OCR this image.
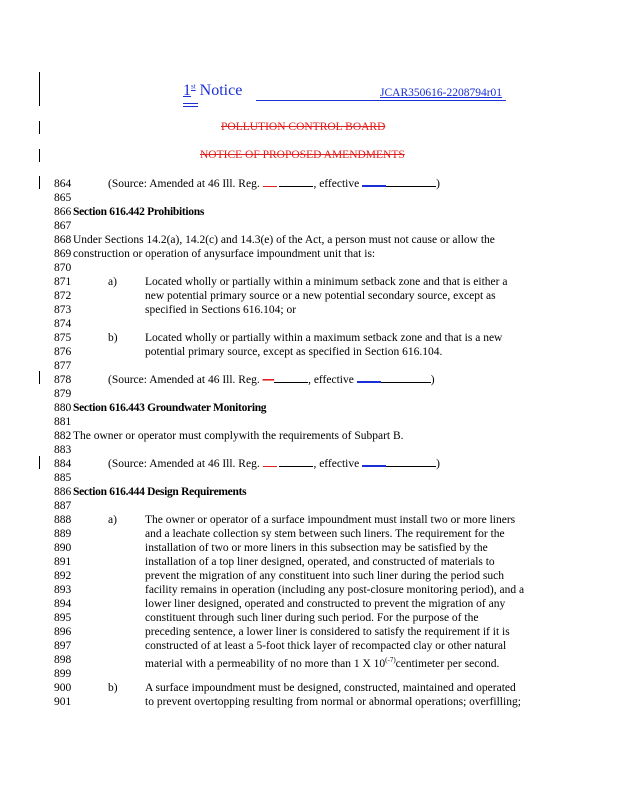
1st Notice	JCAR350616-2208794r01
POLLUTION CONTROL BOARD
NOTICE OF PROPOSED AMENDMENTS
864
865
866
867
868
869
870
871
872
873
874
875
876
877
878
879
880
881
882
883
884
885
886
887
888
889
890
891
892
893
894
895
896
897
898
899
900
901
(Source: Amended at 46 Ill. Reg.	, effective	)
Section 616.442 Prohibitions
Under Sections 14.2(a), 14.2(c) and 14.3(e) of the Act, a person must not cause or allow the
construction or operation of anysurface impoundment unit that is:
a) Located wholly or partially within a minimum setback zone and that is either a
new potential primary source or a new potential secondary source, except as
specified in Sections 616.104; or
b) Located wholly or partially within a maximum setback zone and that is a new
potential primary source, except as specified in Section 616.104.
(Source: Amended at 46 Ill. Reg. —	, effective	)
Section 616.443 Groundwater Monitoring
The owner or operator must complywith the requirements of Subpart B.
(Source: Amended at 46 Ill. Reg.	, effective	)
Section 616.444 Design Requirements
a) The owner or operator of a surface impoundment must install two or more liners
and a leachate collection sy stem between such liners. The requirement for the
installation of two or more liners in this subsection may be satisfied by the
installation of a top liner designed, operated, and constructed of materials to
prevent the migration of any constituent into such liner during the period such
facility remains in operation (including any post-closure monitoring period), and a
lower liner designed, operated and constructed to prevent the migration of any
constituent through such liner during such period. For the purpose of the
preceding sentence, a lower liner is considered to satisfy the requirement if it is
constructed of at least a 5-foot thick layer of recompacted clay or other natural
material with a permeability of no more than 1 X $10^{(-7)}centimeter$ per second.
b) A surface impoundment must be designed, constructed, maintained and operated
to prevent overtopping resulting from normal or abnormal operations; overfilling;
